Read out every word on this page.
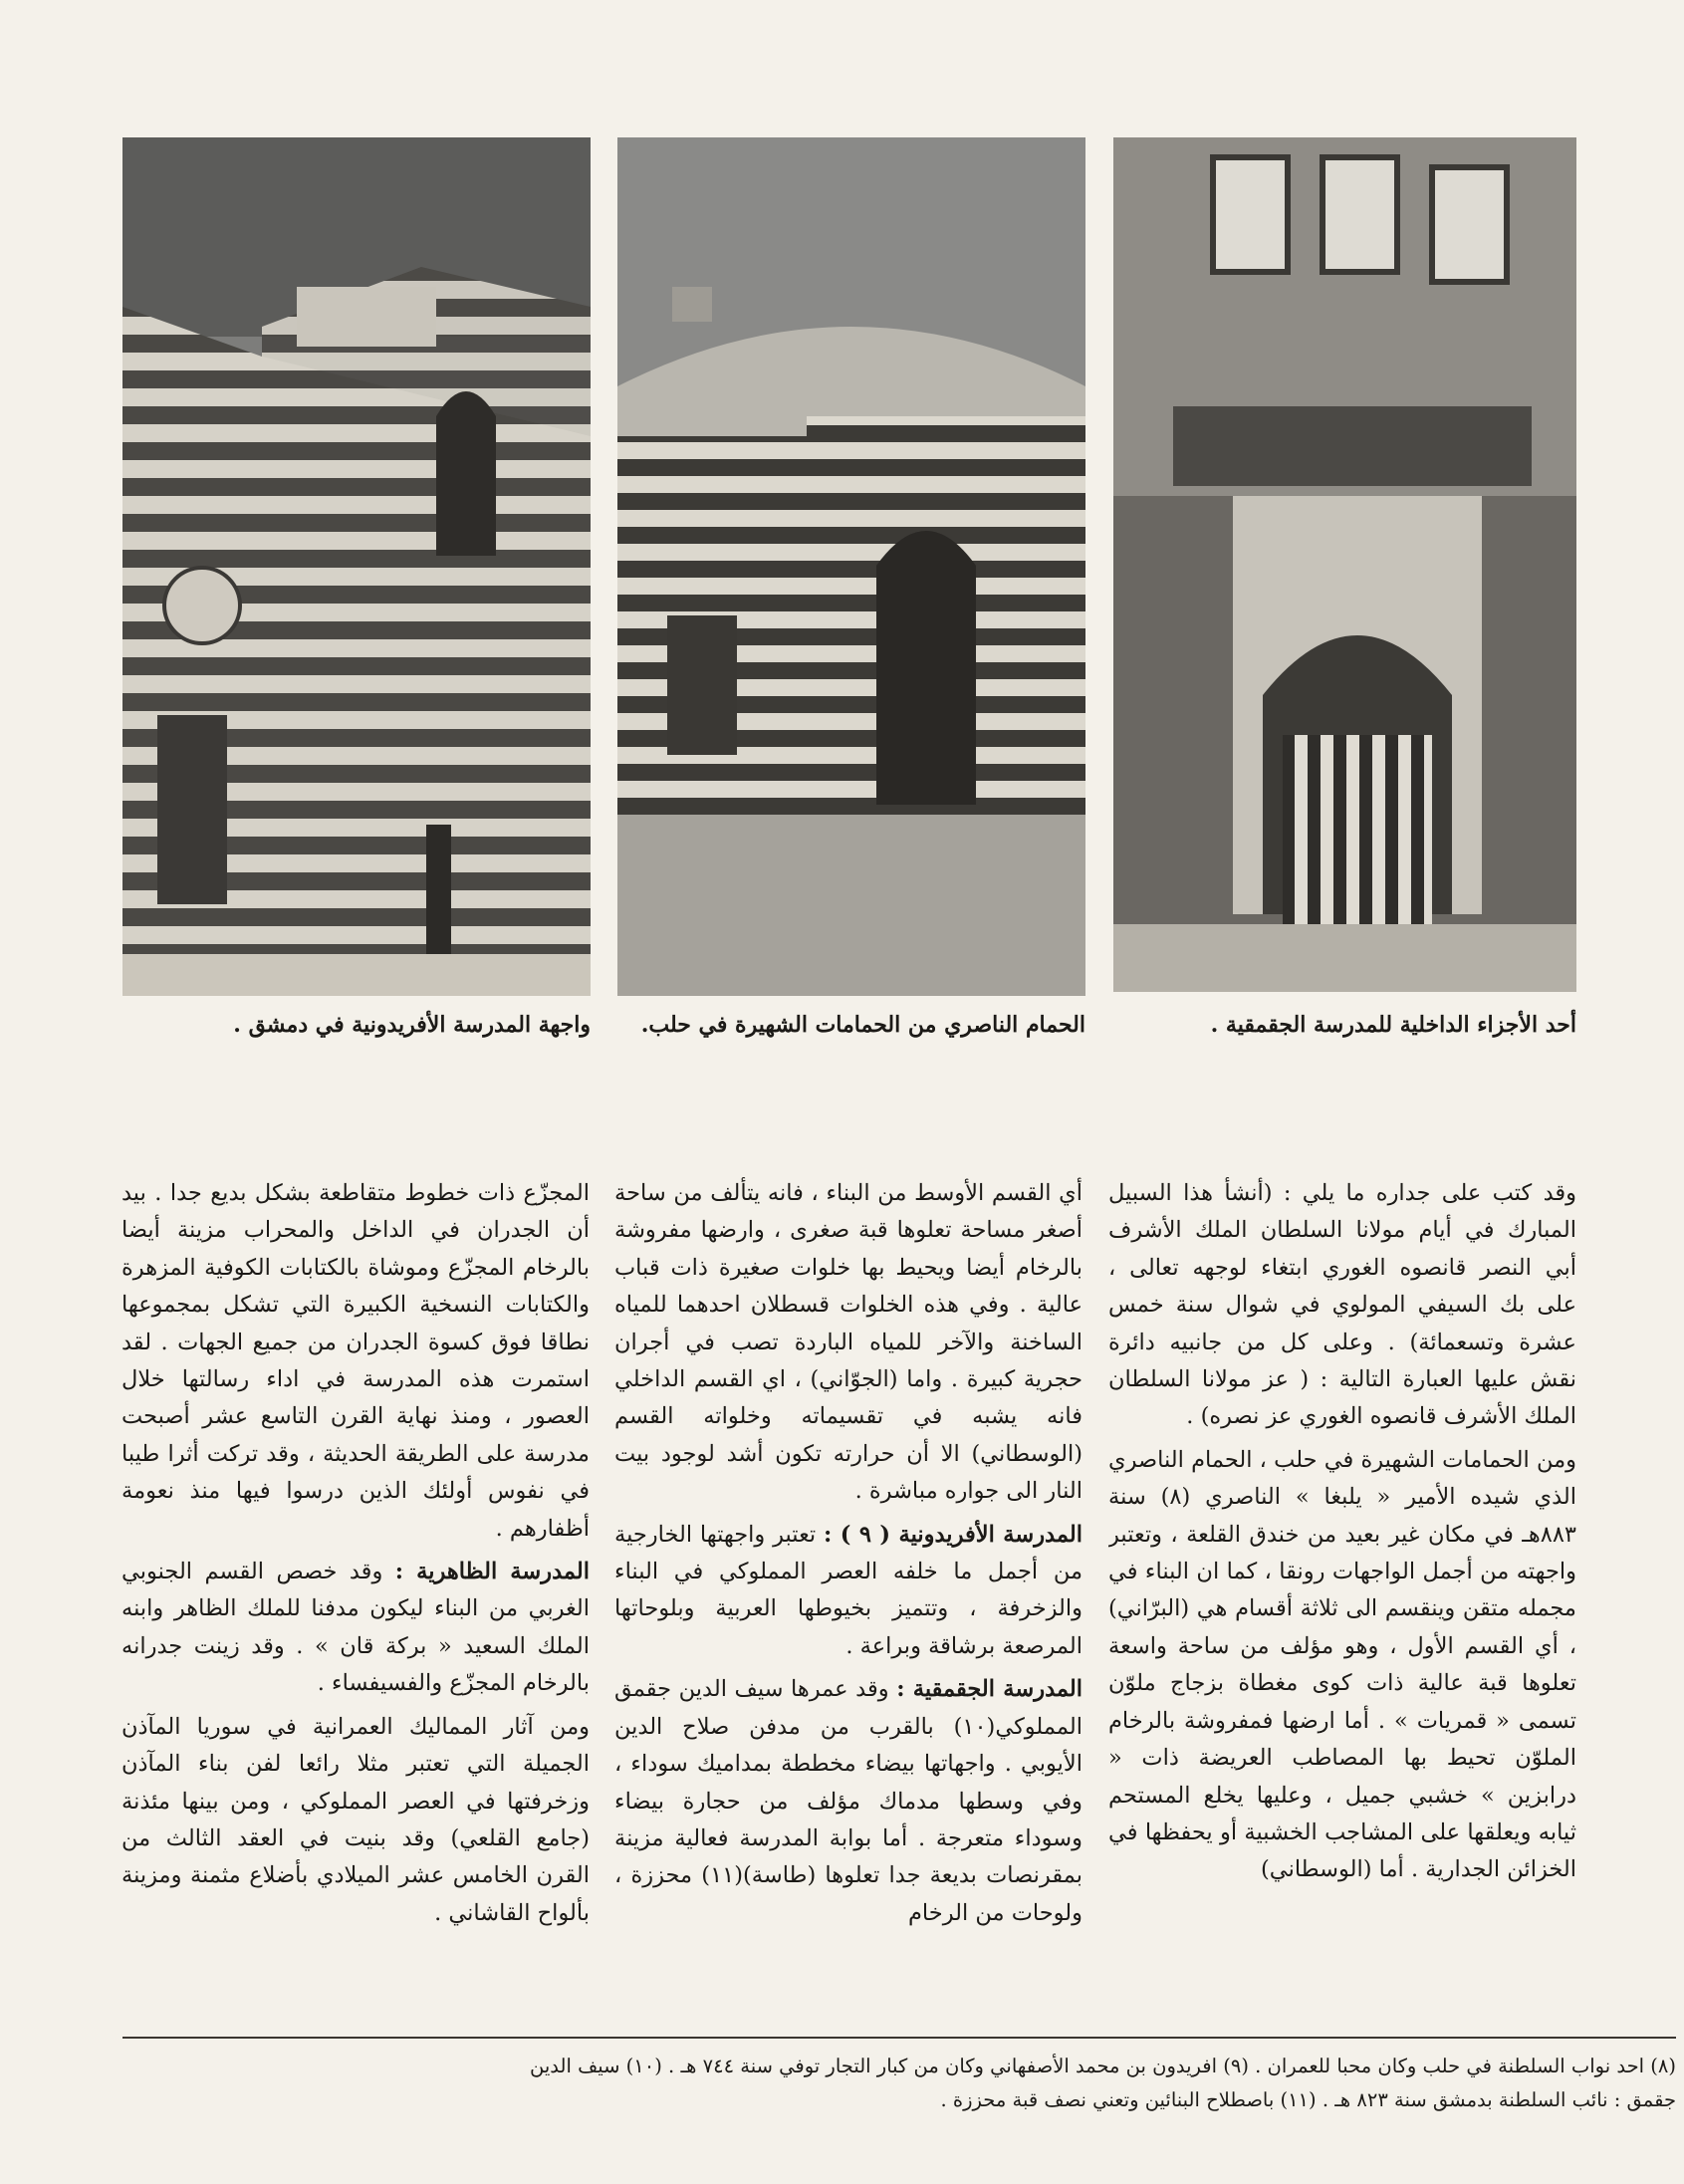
واجهة المدرسة الأفريدونية في دمشق .	الحمام الناصري من الحمامات الشهيرة في حلب.	أحد الأجزاء الداخلية للمدرسة الجقمقية .

وقد كتب على جداره ما يلي : (أنشأ هذا السبيل المبارك في أيام مولانا السلطان الملك الأشرف أبي النصر قانصوه الغوري ابتغاء لوجهه تعالى ، على بك السيفي المولوي في شوال سنة خمس عشرة وتسعمائة) . وعلى كل من جانبيه دائرة نقش عليها العبارة التالية : ( عز مولانا السلطان الملك الأشرف قانصوه الغوري عز نصره) .

ومن الحمامات الشهيرة في حلب ، الحمام الناصري الذي شيده الأمير « يلبغا » الناصري (٨) سنة ٨٨٣هـ في مكان غير بعيد من خندق القلعة ، وتعتبر واجهته من أجمل الواجهات رونقا ، كما ان البناء في مجمله متقن وينقسم الى ثلاثة أقسام هي (البرّاني) ، أي القسم الأول ، وهو مؤلف من ساحة واسعة تعلوها قبة عالية ذات كوى مغطاة بزجاج ملوّن تسمى « قمريات » . أما ارضها فمفروشة بالرخام الملوّن تحيط بها المصاطب العريضة ذات « درابزين » خشبي جميل ، وعليها يخلع المستحم ثيابه ويعلقها على المشاجب الخشبية أو يحفظها في الخزائن الجدارية . أما (الوسطاني)

أي القسم الأوسط من البناء ، فانه يتألف من ساحة أصغر مساحة تعلوها قبة صغرى ، وارضها مفروشة بالرخام أيضا ويحيط بها خلوات صغيرة ذات قباب عالية . وفي هذه الخلوات قسطلان احدهما للمياه الساخنة والآخر للمياه الباردة تصب في أجران حجرية كبيرة . واما (الجوّاني) ، اي القسم الداخلي فانه يشبه في تقسيماته وخلواته القسم (الوسطاني) الا أن حرارته تكون أشد لوجود بيت النار الى جواره مباشرة .

المدرسة الأفريدونية ( ٩ ) : تعتبر واجهتها الخارجية من أجمل ما خلفه العصر المملوكي في البناء والزخرفة ، وتتميز بخيوطها العربية وبلوحاتها المرصعة برشاقة وبراعة .

المدرسة الجقمقية : وقد عمرها سيف الدين جقمق المملوكي(١٠) بالقرب من مدفن صلاح الدين الأيوبي . واجهاتها بيضاء مخططة بمداميك سوداء ، وفي وسطها مدماك مؤلف من حجارة بيضاء وسوداء متعرجة . أما بوابة المدرسة فعالية مزينة بمقرنصات بديعة جدا تعلوها (طاسة)(١١) محززة ، ولوحات من الرخام

المجزّع ذات خطوط متقاطعة بشكل بديع جدا . بيد أن الجدران في الداخل والمحراب مزينة أيضا بالرخام المجزّع وموشاة بالكتابات الكوفية المزهرة والكتابات النسخية الكبيرة التي تشكل بمجموعها نطاقا فوق كسوة الجدران من جميع الجهات . لقد استمرت هذه المدرسة في اداء رسالتها خلال العصور ، ومنذ نهاية القرن التاسع عشر أصبحت مدرسة على الطريقة الحديثة ، وقد تركت أثرا طيبا في نفوس أولئك الذين درسوا فيها منذ نعومة أظفارهم .

المدرسة الظاهرية : وقد خصص القسم الجنوبي الغربي من البناء ليكون مدفنا للملك الظاهر وابنه الملك السعيد « بركة قان » . وقد زينت جدرانه بالرخام المجزّع والفسيفساء .

ومن آثار المماليك العمرانية في سوريا المآذن الجميلة التي تعتبر مثلا رائعا لفن بناء المآذن وزخرفتها في العصر المملوكي ، ومن بينها مئذنة (جامع القلعي) وقد بنيت في العقد الثالث من القرن الخامس عشر الميلادي بأضلاع مثمنة ومزينة بألواح القاشاني .

(٨) احد نواب السلطنة في حلب وكان محبا للعمران . (٩) افريدون بن محمد الأصفهاني وكان من كبار التجار توفي سنة ٧٤٤ هـ . (١٠) سيف الدين

جقمق : نائب السلطنة بدمشق سنة ٨٢٣ هـ . (١١) باصطلاح البنائين وتعني نصف قبة محززة .
